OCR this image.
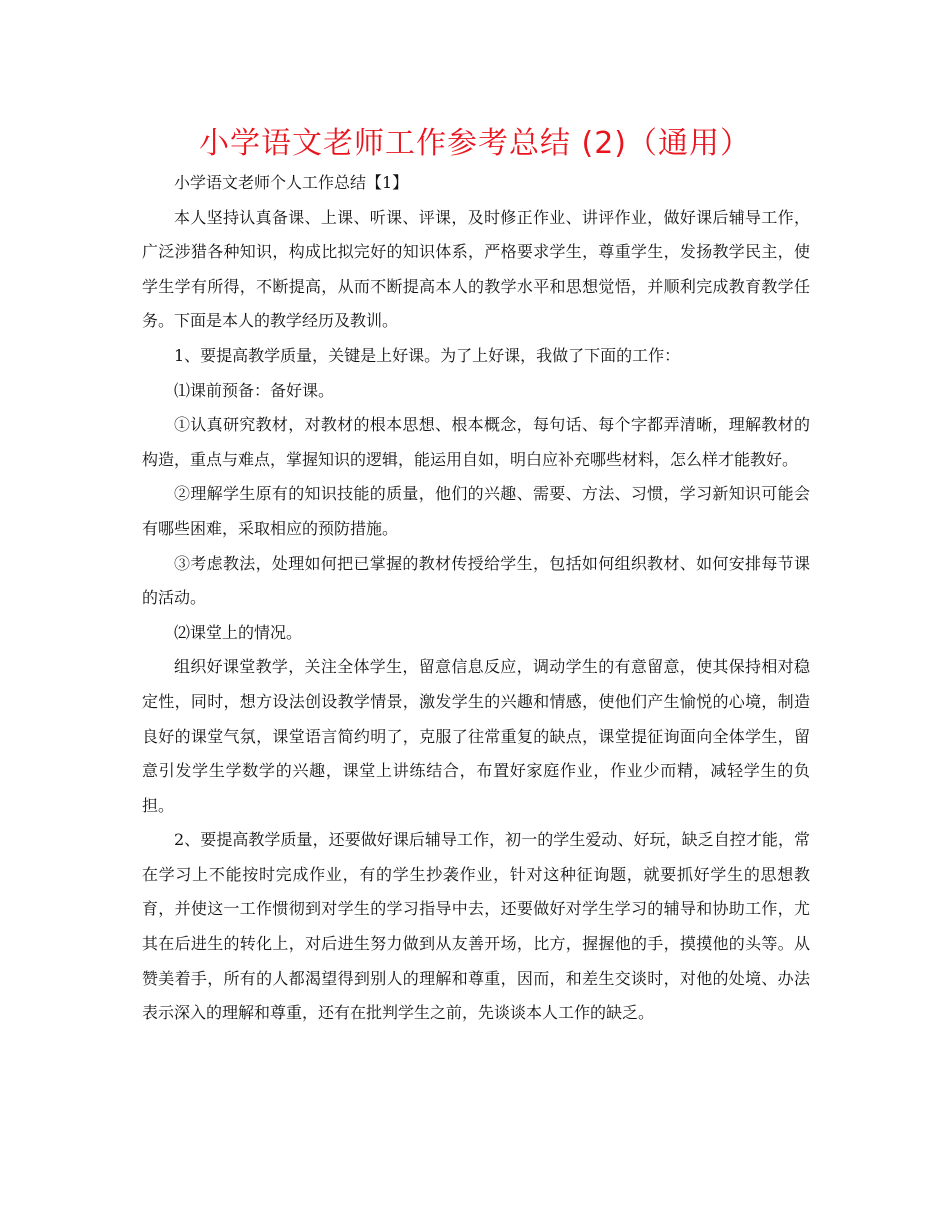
小学语文老师工作参考总结 (2)（通用）

小学语文老师个人工作总结【1】

本人坚持认真备课、上课、听课、评课，及时修正作业、讲评作业，做好课后辅导工作，广泛涉猎各种知识，构成比拟完好的知识体系，严格要求学生，尊重学生，发扬教学民主，使学生学有所得，不断提高，从而不断提高本人的教学水平和思想觉悟，并顺利完成教育教学任务。下面是本人的教学经历及教训。

1、要提高教学质量，关键是上好课。为了上好课，我做了下面的工作：

⑴课前预备：备好课。

①认真研究教材，对教材的根本思想、根本概念，每句话、每个字都弄清晰，理解教材的构造，重点与难点，掌握知识的逻辑，能运用自如，明白应补充哪些材料，怎么样才能教好。

②理解学生原有的知识技能的质量，他们的兴趣、需要、方法、习惯，学习新知识可能会有哪些困难，采取相应的预防措施。

③考虑教法，处理如何把已掌握的教材传授给学生，包括如何组织教材、如何安排每节课的活动。

⑵课堂上的情况。

组织好课堂教学，关注全体学生，留意信息反应，调动学生的有意留意，使其保持相对稳定性，同时，想方设法创设教学情景，激发学生的兴趣和情感，使他们产生愉悦的心境，制造良好的课堂气氛，课堂语言简约明了，克服了往常重复的缺点，课堂提征询面向全体学生，留意引发学生学数学的兴趣，课堂上讲练结合，布置好家庭作业，作业少而精，减轻学生的负担。

2、要提高教学质量，还要做好课后辅导工作，初一的学生爱动、好玩，缺乏自控才能，常在学习上不能按时完成作业，有的学生抄袭作业，针对这种征询题，就要抓好学生的思想教育，并使这一工作惯彻到对学生的学习指导中去，还要做好对学生学习的辅导和协助工作，尤其在后进生的转化上，对后进生努力做到从友善开场，比方，握握他的手，摸摸他的头等。从赞美着手，所有的人都渴望得到别人的理解和尊重，因而，和差生交谈时，对他的处境、办法表示深入的理解和尊重，还有在批判学生之前，先谈谈本人工作的缺乏。
